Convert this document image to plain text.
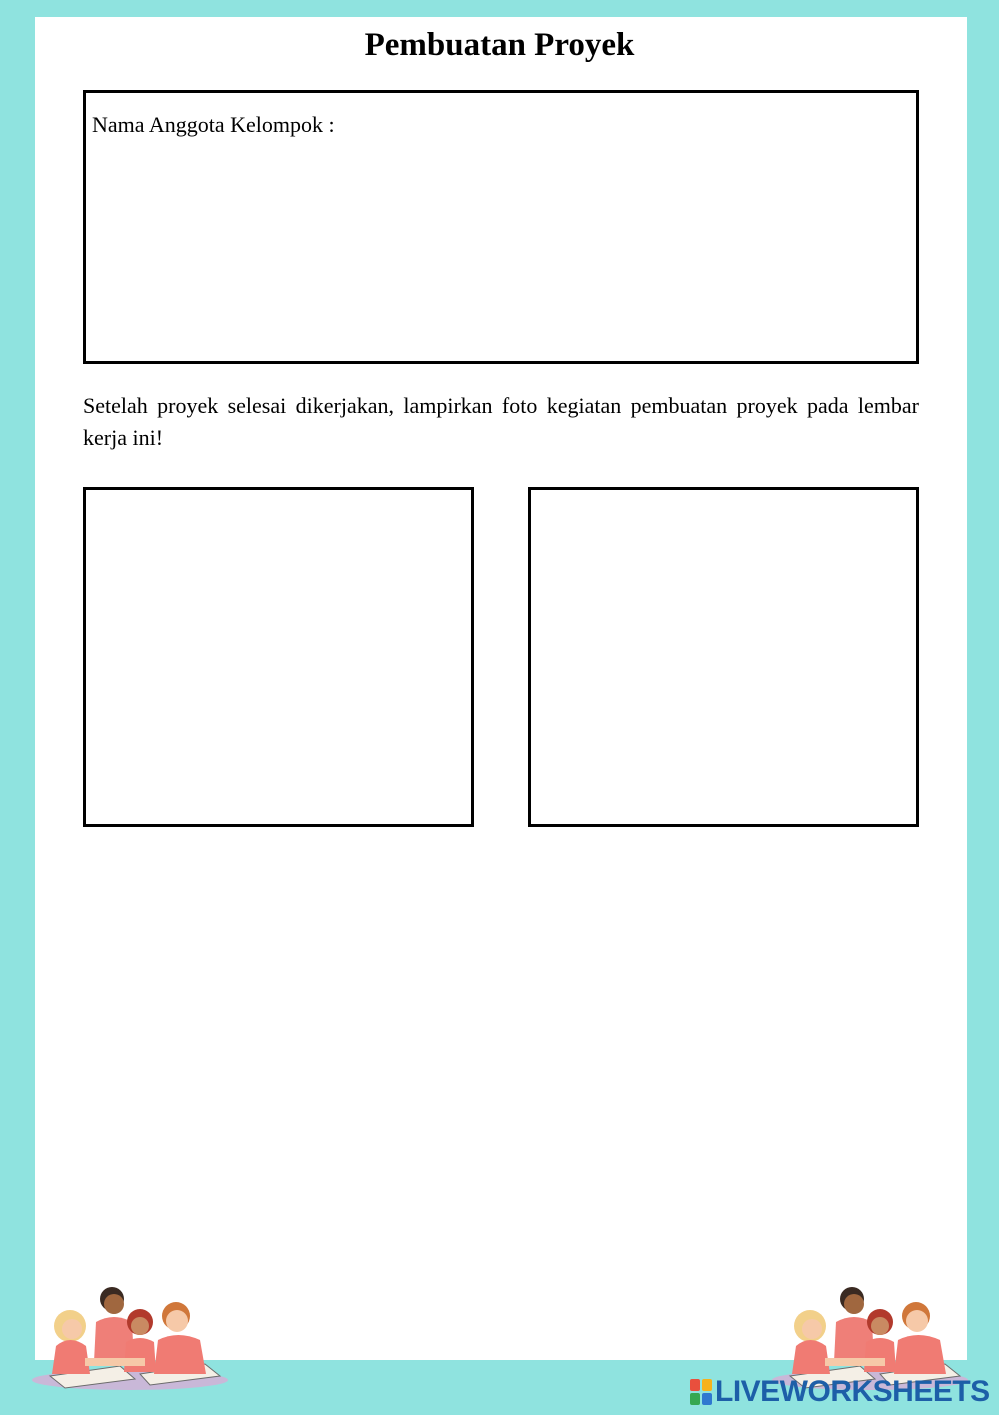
Pembuatan Proyek
Nama Anggota Kelompok :
Setelah proyek selesai dikerjakan, lampirkan foto kegiatan pembuatan proyek pada lembar kerja ini!
LIVEWORKSHEETS
